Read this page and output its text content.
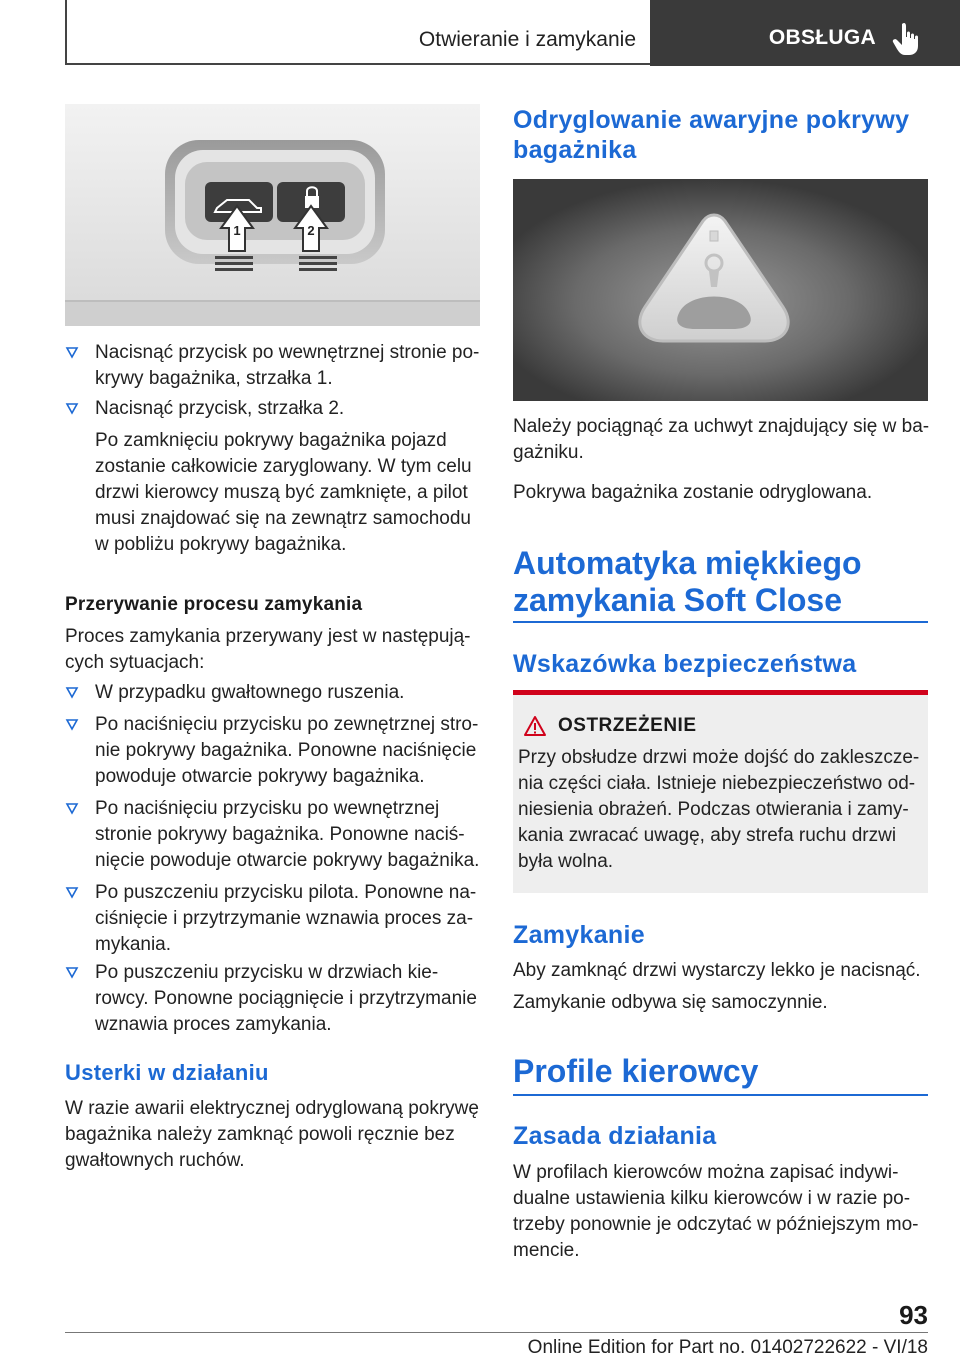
Otwieranie i zamykanie	OBSŁUGA
1	2
Nacisnąć przycisk po wewnętrznej stronie po-
krywy bagażnika, strzałka 1.
Nacisnąć przycisk, strzałka 2.
Po zamknięciu pokrywy bagażnika pojazd
zostanie całkowicie zaryglowany. W tym celu
drzwi kierowcy muszą być zamknięte, a pilot
musi znajdować się na zewnątrz samochodu
w pobliżu pokrywy bagażnika.
Przerywanie procesu zamykania
Proces zamykania przerywany jest w następują-
cych sytuacjach:
W przypadku gwałtownego ruszenia.
Po naciśnięciu przycisku po zewnętrznej stro-
nie pokrywy bagażnika. Ponowne naciśnięcie
powoduje otwarcie pokrywy bagażnika.
Po naciśnięciu przycisku po wewnętrznej
stronie pokrywy bagażnika. Ponowne naciś-
nięcie powoduje otwarcie pokrywy bagażnika.
Po puszczeniu przycisku pilota. Ponowne na-
ciśnięcie i przytrzymanie wznawia proces za-
mykania.
Po puszczeniu przycisku w drzwiach kie-
rowcy. Ponowne pociągnięcie i przytrzymanie
wznawia proces zamykania.
Usterki w działaniu
W razie awarii elektrycznej odryglowaną pokrywę
bagażnika należy zamknąć powoli ręcznie bez
gwałtownych ruchów.
Odryglowanie awaryjne pokrywy
bagażnika
Należy pociągnąć za uchwyt znajdujący się w ba-
gażniku.
Pokrywa bagażnika zostanie odryglowana.
Automatyka miękkiego
zamykania Soft Close
Wskazówka bezpieczeństwa
OSTRZEŻENIE
Przy obsłudze drzwi może dojść do zakleszcze-
nia części ciała. Istnieje niebezpieczeństwo od-
niesienia obrażeń. Podczas otwierania i zamy-
kania zwracać uwagę, aby strefa ruchu drzwi
była wolna.
Zamykanie
Aby zamknąć drzwi wystarczy lekko je nacisnąć.
Zamykanie odbywa się samoczynnie.
Profile kierowcy
Zasada działania
W profilach kierowców można zapisać indywi-
dualne ustawienia kilku kierowców i w razie po-
trzeby ponownie je odczytać w późniejszym mo-
mencie.
93
Online Edition for Part no. 01402722622 - VI/18
